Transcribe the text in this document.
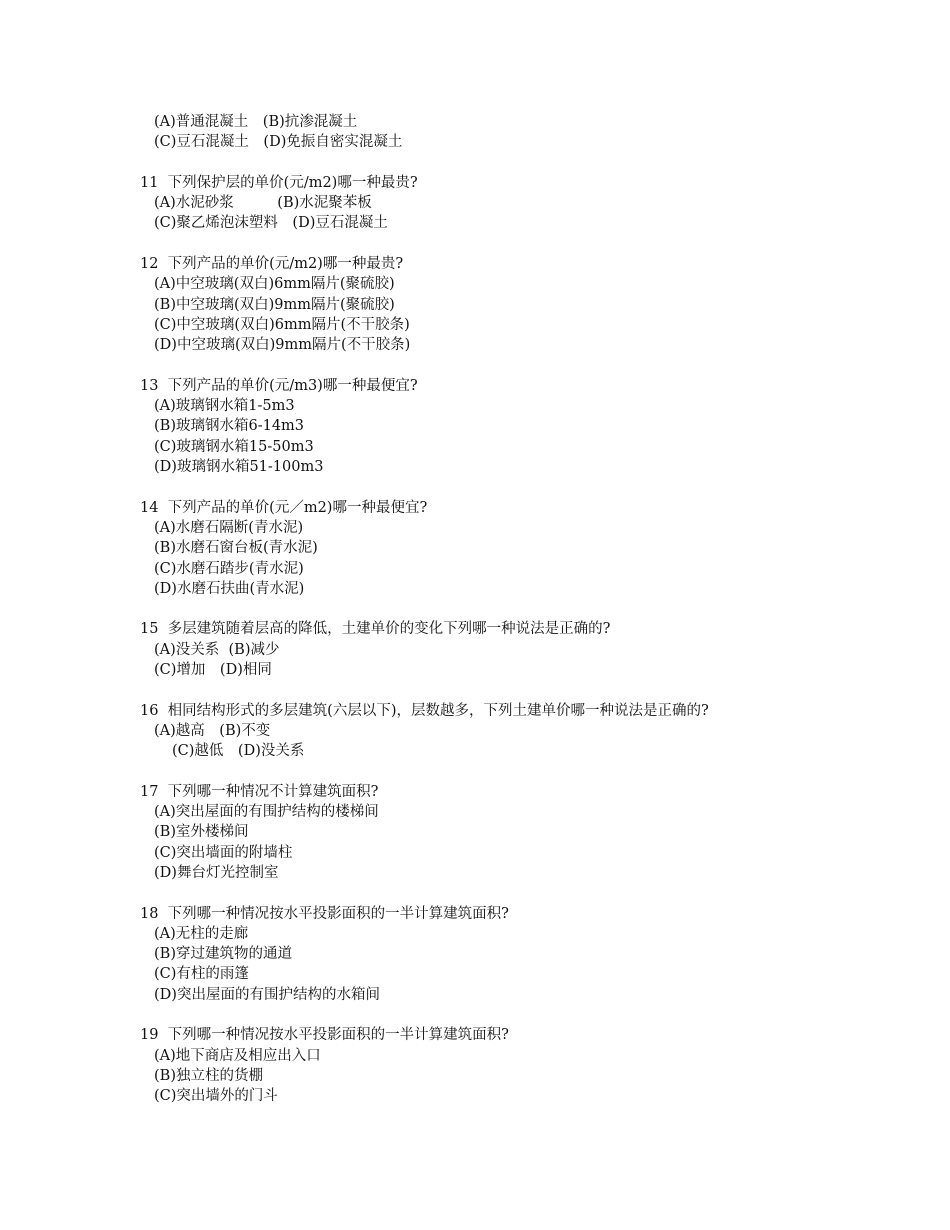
(A)普通混凝土　(B)抗渗混凝土
(C)豆石混凝土　(D)免振自密实混凝土
11  下列保护层的单价(元/m2)哪一种最贵?
(A)水泥砂浆　　　(B)水泥聚苯板
(C)聚乙烯泡沫塑料　(D)豆石混凝土
12  下列产品的单价(元/m2)哪一种最贵?
(A)中空玻璃(双白)6mm隔片(聚硫胶)
(B)中空玻璃(双白)9mm隔片(聚硫胶)
(C)中空玻璃(双白)6mm隔片(不干胶条)
(D)中空玻璃(双白)9mm隔片(不干胶条)
13  下列产品的单价(元/m3)哪一种最便宜?
(A)玻璃钢水箱1-5m3
(B)玻璃钢水箱6-14m3
(C)玻璃钢水箱15-50m3
(D)玻璃钢水箱51-100m3
14  下列产品的单价(元／m2)哪一种最便宜?
(A)水磨石隔断(青水泥)
(B)水磨石窗台板(青水泥)
(C)水磨石踏步(青水泥)
(D)水磨石扶曲(青水泥)
15  多层建筑随着层高的降低，土建单价的变化下列哪一种说法是正确的?
(A)没关系  (B)减少
(C)增加　(D)相同
16  相同结构形式的多层建筑(六层以下)，层数越多，下列土建单价哪一种说法是正确的?
(A)越高　(B)不变
(C)越低　(D)没关系
17  下列哪一种情况不计算建筑面积?
(A)突出屋面的有围护结构的楼梯间
(B)室外楼梯间
(C)突出墙面的附墙柱
(D)舞台灯光控制室
18  下列哪一种情况按水平投影面积的一半计算建筑面积?
(A)无柱的走廊
(B)穿过建筑物的通道
(C)有柱的雨篷
(D)突出屋面的有围护结构的水箱间
19  下列哪一种情况按水平投影面积的一半计算建筑面积?
(A)地下商店及相应出入口
(B)独立柱的货棚
(C)突出墙外的门斗
